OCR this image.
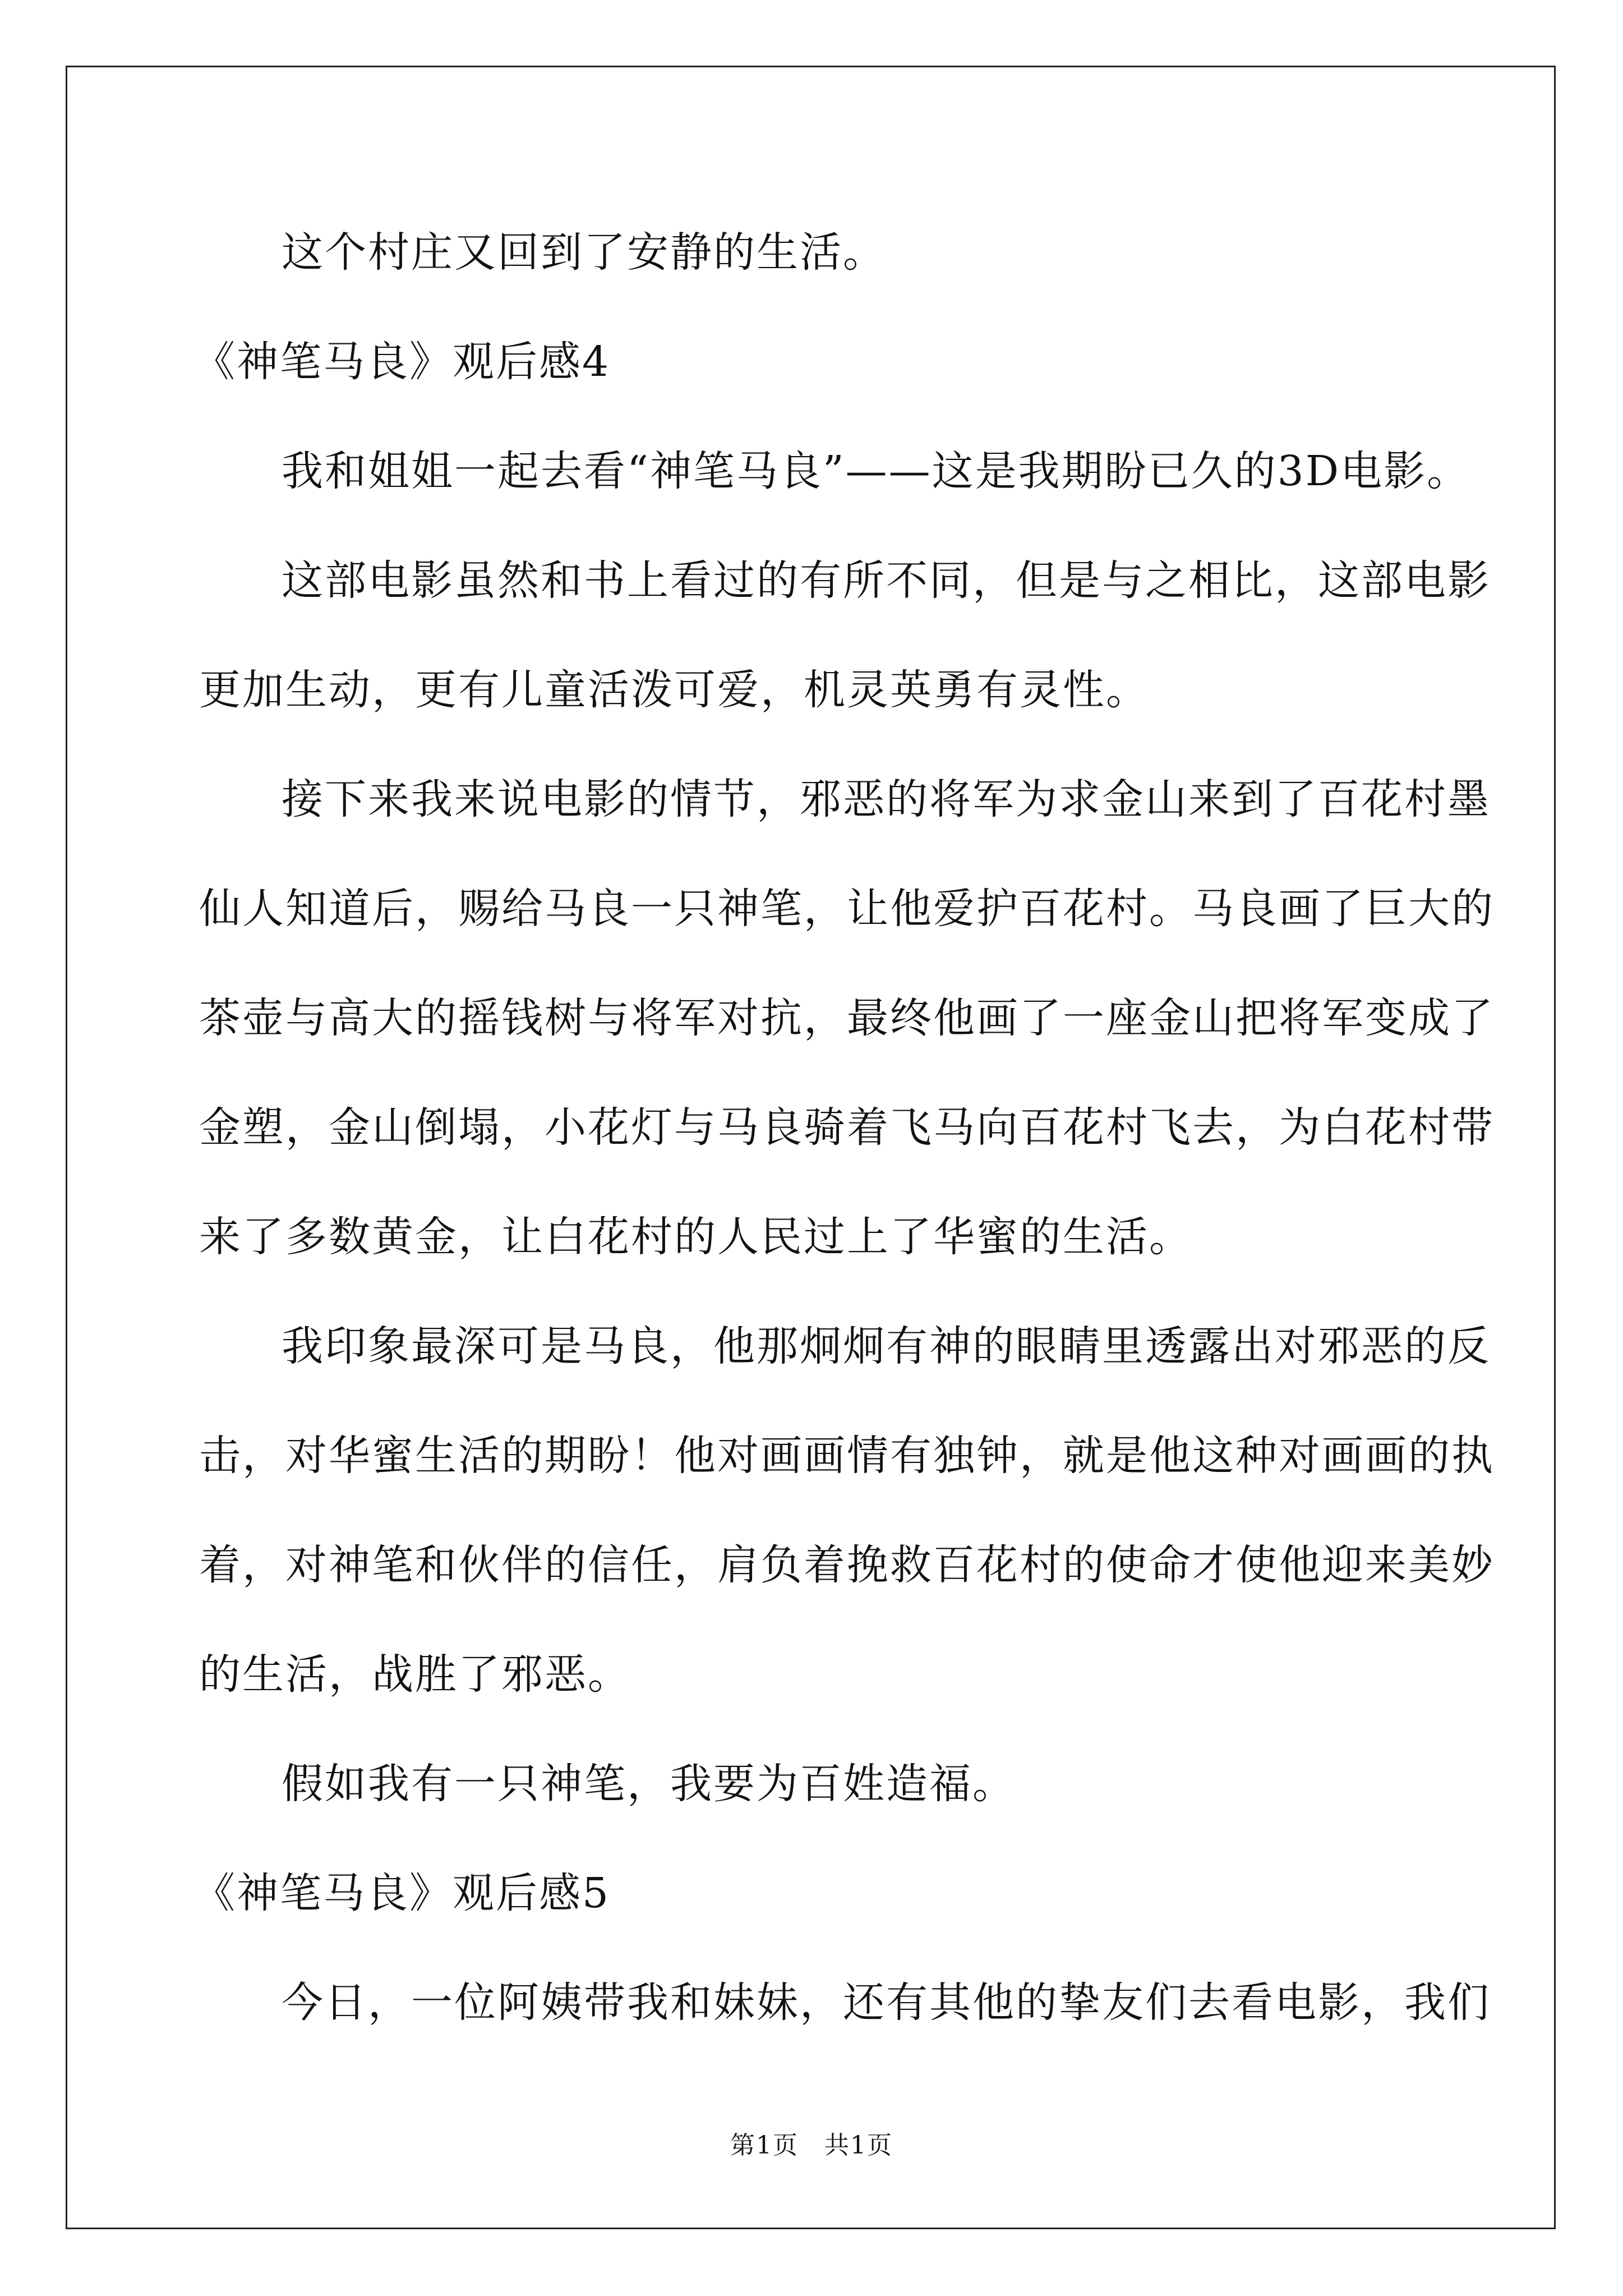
这个村庄又回到了安静的生活。
《神笔马良》观后感4
我和姐姐一起去看“神笔马良”——这是我期盼已久的3D电影。
这部电影虽然和书上看过的有所不同，但是与之相比，这部电影
更加生动，更有儿童活泼可爱，机灵英勇有灵性。
接下来我来说电影的情节，邪恶的将军为求金山来到了百花村墨
仙人知道后，赐给马良一只神笔，让他爱护百花村。马良画了巨大的
茶壶与高大的摇钱树与将军对抗，最终他画了一座金山把将军变成了
金塑，金山倒塌，小花灯与马良骑着飞马向百花村飞去，为白花村带
来了多数黄金，让白花村的人民过上了华蜜的生活。
我印象最深可是马良，他那炯炯有神的眼睛里透露出对邪恶的反
击，对华蜜生活的期盼！他对画画情有独钟，就是他这种对画画的执
着，对神笔和伙伴的信任，肩负着挽救百花村的使命才使他迎来美妙
的生活，战胜了邪恶。
假如我有一只神笔，我要为百姓造福。
《神笔马良》观后感5
今日，一位阿姨带我和妹妹，还有其他的挚友们去看电影，我们
第1页　共1页
